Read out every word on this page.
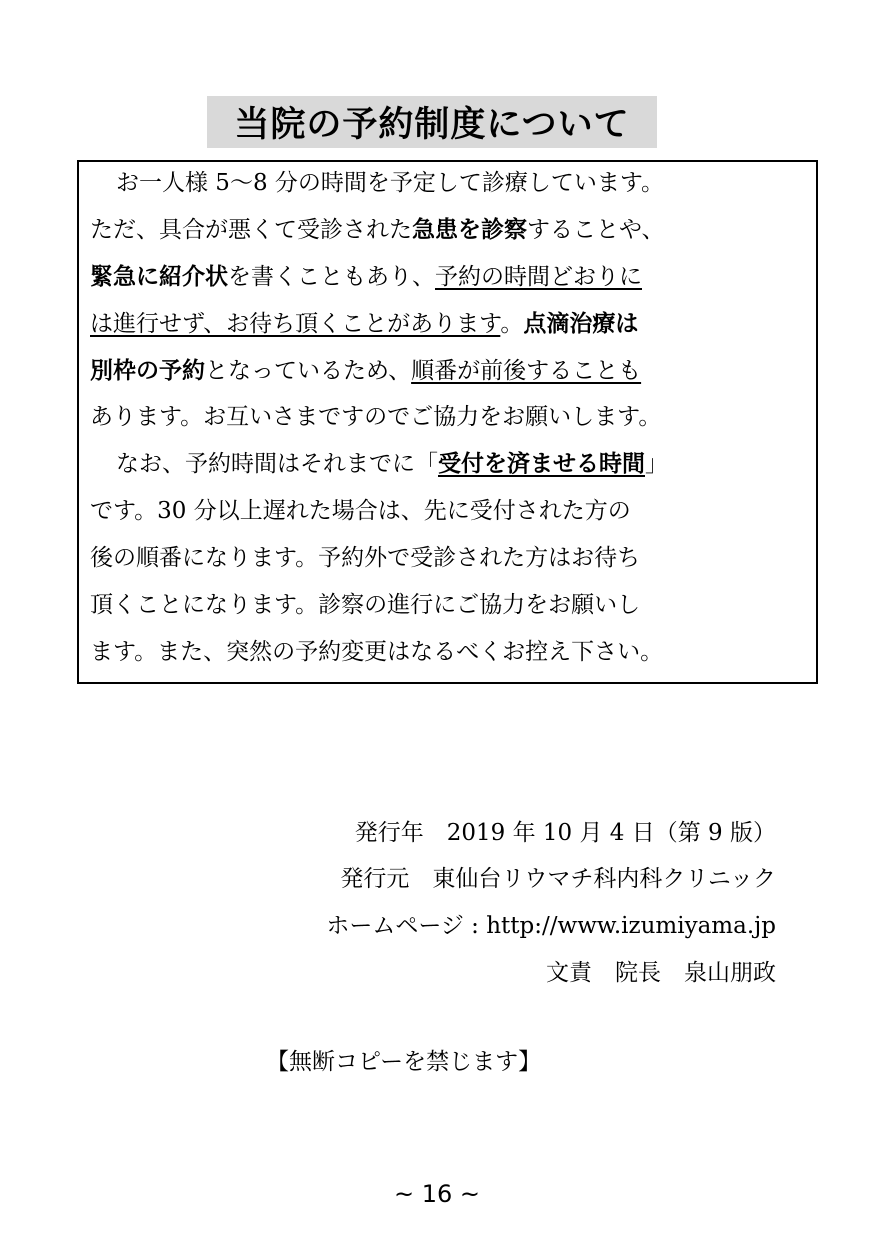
当院の予約制度について
お一人様 5～8 分の時間を予定して診療しています。
ただ、具合が悪くて受診された急患を診察することや、
緊急に紹介状を書くこともあり、予約の時間どおりに
は進行せず、お待ち頂くことがあります。点滴治療は
別枠の予約となっているため、順番が前後することも
あります。お互いさまですのでご協力をお願いします。
なお、予約時間はそれまでに「受付を済ませる時間」
です。30 分以上遅れた場合は、先に受付された方の
後の順番になります。予約外で受診された方はお待ち
頂くことになります。診察の進行にご協力をお願いし
ます。また、突然の予約変更はなるべくお控え下さい。
発行年　2019 年 10 月 4 日（第 9 版）
発行元　東仙台リウマチ科内科クリニック
ホームページ : http://www.izumiyama.jp
文責　院長　泉山朋政
【無断コピーを禁じます】
~ 16 ~
